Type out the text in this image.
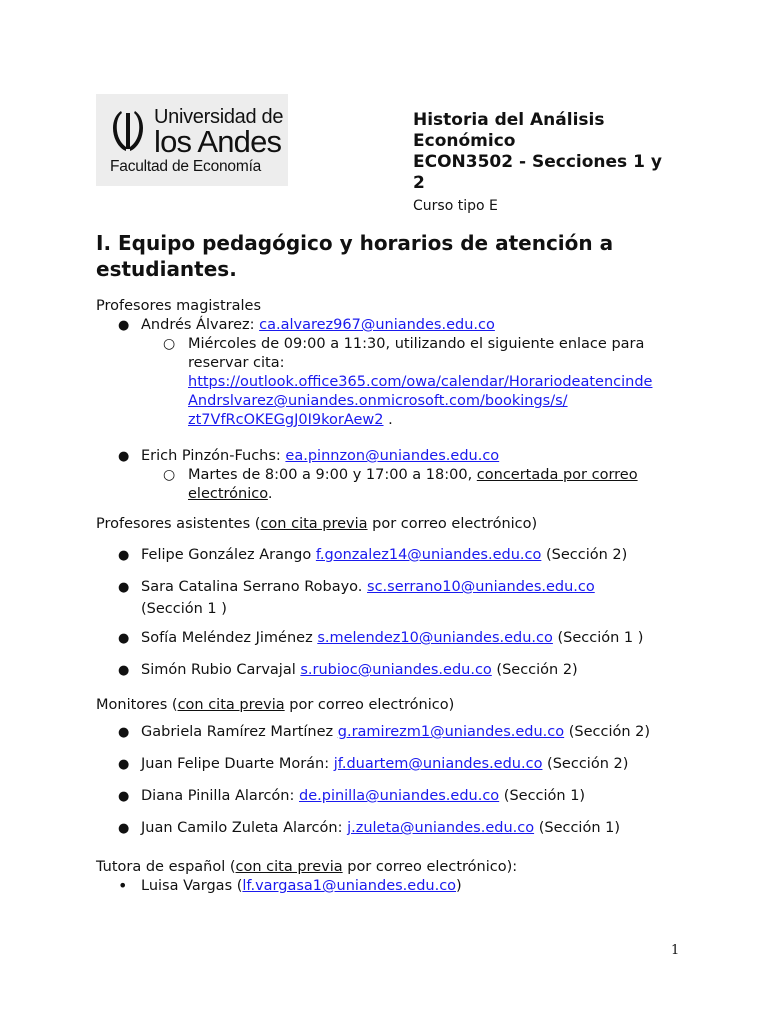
Universidad de
los Andes
Facultad de Economía
Historia del Análisis
Económico
ECON3502 - Secciones 1 y
2
Curso tipo E
I. Equipo pedagógico y horarios de atención a
estudiantes.
Profesores magistrales
● Andrés Álvarez: ca.alvarez967@uniandes.edu.co
○ Miércoles de 09:00 a 11:30, utilizando el siguiente enlace para
reservar cita:
https://outlook.office365.com/owa/calendar/Horariodeatencinde
Andrslvarez@uniandes.onmicrosoft.com/bookings/s/
zt7VfRcOKEGgJ0I9korAew2 .
● Erich Pinzón-Fuchs: ea.pinnzon@uniandes.edu.co
○ Martes de 8:00 a 9:00 y 17:00 a 18:00, concertada por correo
electrónico.
Profesores asistentes (con cita previa por correo electrónico)
● Felipe González Arango f.gonzalez14@uniandes.edu.co (Sección 2)
● Sara Catalina Serrano Robayo. sc.serrano10@uniandes.edu.co
(Sección 1 )
● Sofía Meléndez Jiménez s.melendez10@uniandes.edu.co (Sección 1 )
● Simón Rubio Carvajal s.rubioc@uniandes.edu.co (Sección 2)
Monitores (con cita previa por correo electrónico)
● Gabriela Ramírez Martínez g.ramirezm1@uniandes.edu.co (Sección 2)
● Juan Felipe Duarte Morán: jf.duartem@uniandes.edu.co (Sección 2)
● Diana Pinilla Alarcón: de.pinilla@uniandes.edu.co (Sección 1)
● Juan Camilo Zuleta Alarcón: j.zuleta@uniandes.edu.co (Sección 1)
Tutora de español (con cita previa por correo electrónico):
• Luisa Vargas (lf.vargasa1@uniandes.edu.co)
1
